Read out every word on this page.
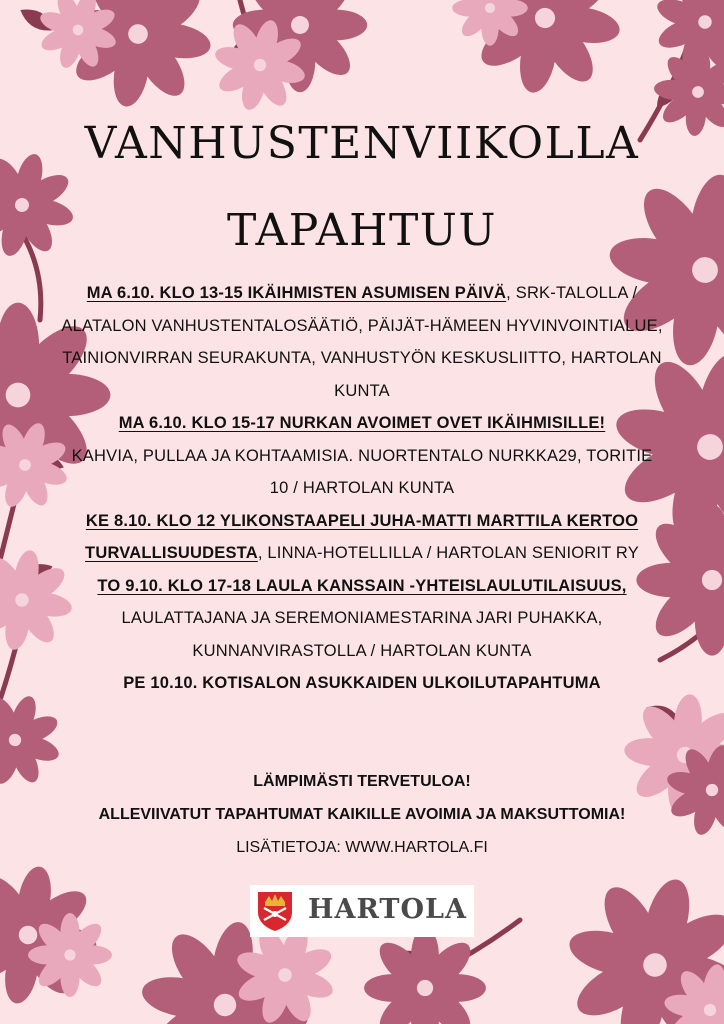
VANHUSTENVIIKOLLA
TAPAHTUU
MA 6.10. KLO 13-15 IKÄIHMISTEN ASUMISEN PÄIVÄ, SRK-TALOLLA / ALATALON VANHUSTENTALOSÄÄTIÖ, PÄIJÄT-HÄMEEN HYVINVOINTIALUE, TAINIONVIRRAN SEURAKUNTA, VANHUSTYÖN KESKUSLIITTO, HARTOLAN KUNTA
MA 6.10. KLO 15-17 NURKAN AVOIMET OVET IKÄIHMISILLE!
KAHVIA, PULLAA JA KOHTAAMISIA. NUORTENTALO NURKKA29, TORITIE 10 / HARTOLAN KUNTA
KE 8.10. KLO 12 YLIKONSTAAPELI JUHA-MATTI MARTTILA KERTOO TURVALLISUUDESTA, LINNA-HOTELLILLA / HARTOLAN SENIORIT RY
TO 9.10. KLO 17-18 LAULA KANSSAIN -YHTEISLAULUTILAISUUS,
LAULATTAJANA JA SEREMONIAMESTARINA JARI PUHAKKA, KUNNANVIRASTOLLA / HARTOLAN KUNTA
PE 10.10. KOTISALON ASUKKAIDEN ULKOILUTAPAHTUMA
LÄMPIMÄSTI TERVETULOA!
ALLEVIIVATUT TAPAHTUMAT KAIKILLE AVOIMIA JA MAKSUTTOMIA!
LISÄTIETOJA: WWW.HARTOLA.FI
HARTOLA
